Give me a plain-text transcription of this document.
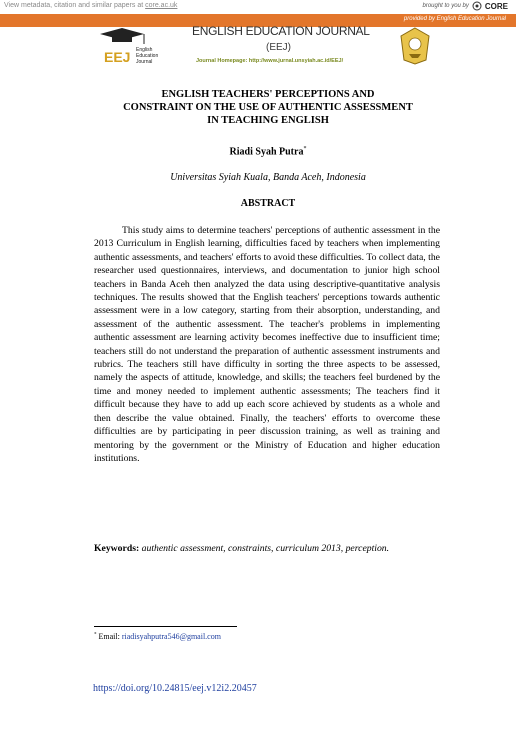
View metadata, citation and similar papers at core.ac.uk	brought to you by CORE
provided by English Education Journal
EEJ English
Education
Journal
ENGLISH EDUCATION JOURNAL
(EEJ)
Journal Homepage: http://www.jurnal.unsyiah.ac.id/EEJ/
ENGLISH TEACHERS' PERCEPTIONS AND
CONSTRAINT ON THE USE OF AUTHENTIC ASSESSMENT
IN TEACHING ENGLISH
Riadi Syah Putra*
Universitas Syiah Kuala, Banda Aceh, Indonesia
ABSTRACT
This study aims to determine teachers' perceptions of authentic assessment in the 2013 Curriculum in English learning, difficulties faced by teachers when implementing authentic assessments, and teachers' efforts to avoid these difficulties. To collect data, the researcher used questionnaires, interviews, and documentation to junior high school teachers in Banda Aceh then analyzed the data using descriptive-quantitative analysis techniques. The results showed that the English teachers' perceptions towards authentic assessment were in a low category, starting from their absorption, understanding, and assessment of the authentic assessment. The teacher's problems in implementing authentic assessment are learning activity becomes ineffective due to insufficient time; teachers still do not understand the preparation of authentic assessment instruments and rubrics. The teachers still have difficulty in sorting the three aspects to be assessed, namely the aspects of attitude, knowledge, and skills; the teachers feel burdened by the time and money needed to implement authentic assessments; The teachers find it difficult because they have to add up each score achieved by students as a whole and then describe the value obtained. Finally, the teachers' efforts to overcome these difficulties are by participating in peer discussion training, as well as training and mentoring by the government or the Ministry of Education and higher education institutions.
Keywords: authentic assessment, constraints, curriculum 2013, perception.
* Email: riadisyahputra546@gmail.com
https://doi.org/10.24815/eej.v12i2.20457
